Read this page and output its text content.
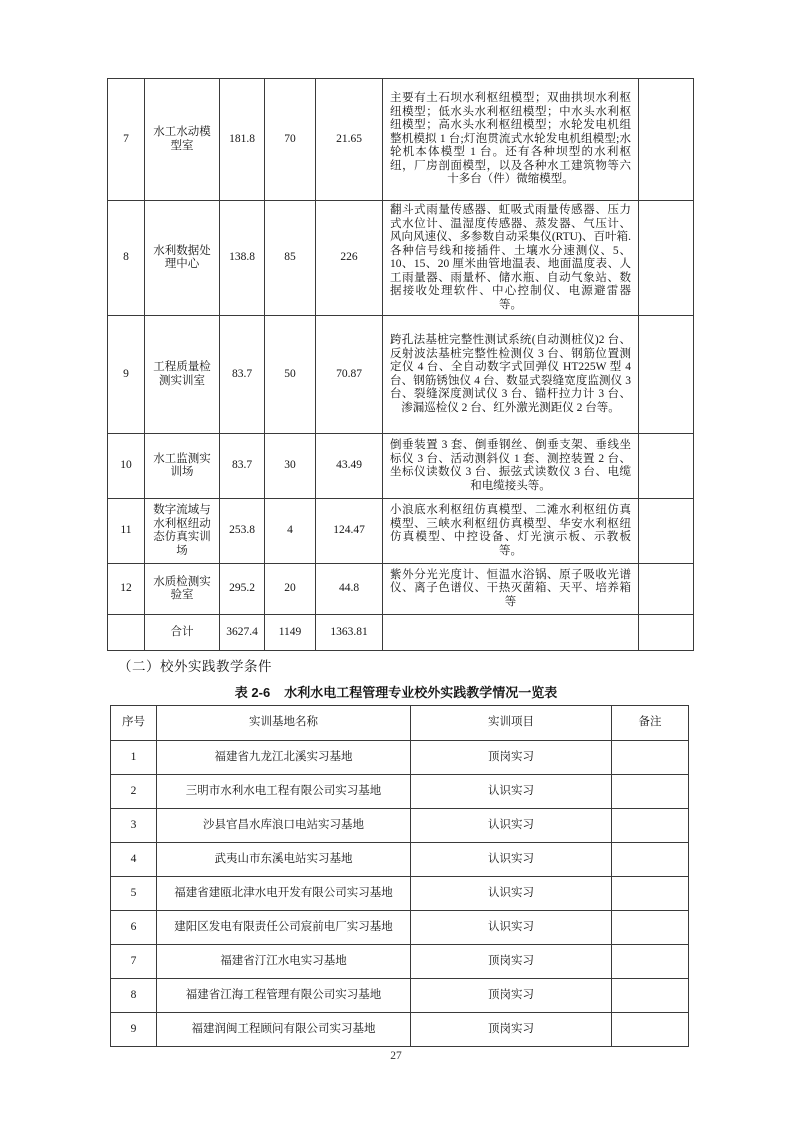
7	水工水动模型室	181.8	70	21.65	主要有土石坝水利枢纽模型；双曲拱坝水利枢纽模型；低水头水利枢纽模型；中水头水利枢纽模型；高水头水利枢纽模型；水轮发电机组整机模拟 1 台;灯泡贯流式水轮发电机组模型;水轮机本体模型 1 台。还有各种坝型的水利枢纽，厂房剖面模型，以及各种水工建筑物等六十多台（件）微缩模型。	
8	水利数据处理中心	138.8	85	226	翻斗式雨量传感器、虹吸式雨量传感器、压力式水位计、温湿度传感器、蒸发器、气压计、风向风速仪、多参数自动采集仪(RTU)、百叶箱.各种信号线和接插件、土壤水分速测仪、5、10、15、20 厘米曲管地温表、地面温度表、人工雨量器、雨量杯、储水瓶、自动气象站、数据接收处理软件、中心控制仪、电源避雷器等。	
9	工程质量检测实训室	83.7	50	70.87	跨孔法基桩完整性测试系统(自动测桩仪)2 台、反射波法基桩完整性检测仪 3 台、钢筋位置测定仪 4 台、全自动数字式回弹仪 HT225W 型 4 台、钢筋锈蚀仪 4 台、数显式裂缝宽度监测仪 3 台、裂缝深度测试仪 3 台、锚杆拉力计 3 台、渗漏巡检仪 2 台、红外激光测距仪 2 台等。	
10	水工监测实训场	83.7	30	43.49	倒垂装置 3 套、倒垂钢丝、倒垂支架、垂线坐标仪 3 台、活动测斜仪 1 套、测控装置 2 台、坐标仪读数仪 3 台、振弦式读数仪 3 台、电缆和电缆接头等。	
11	数字流域与水利枢纽动态仿真实训场	253.8	4	124.47	小浪底水利枢纽仿真模型、二滩水利枢纽仿真模型、三峡水利枢纽仿真模型、华安水利枢纽仿真模型、中控设备、灯光演示板、示教板等。	
12	水质检测实验室	295.2	20	44.8	紫外分光光度计、恒温水浴锅、原子吸收光谱仪、离子色谱仪、干热灭菌箱、天平、培养箱等	
	合计	3627.4	1149	1363.81		
（二）校外实践教学条件
表 2-6 水利水电工程管理专业校外实践教学情况一览表
序号	实训基地名称	实训项目	备注
1	福建省九龙江北溪实习基地	顶岗实习	
2	三明市水利水电工程有限公司实习基地	认识实习	
3	沙县官昌水库浪口电站实习基地	认识实习	
4	武夷山市东溪电站实习基地	认识实习	
5	福建省建瓯北津水电开发有限公司实习基地	认识实习	
6	建阳区发电有限责任公司宸前电厂实习基地	认识实习	
7	福建省汀江水电实习基地	顶岗实习	
8	福建省江海工程管理有限公司实习基地	顶岗实习	
9	福建润闽工程顾问有限公司实习基地	顶岗实习	
27
